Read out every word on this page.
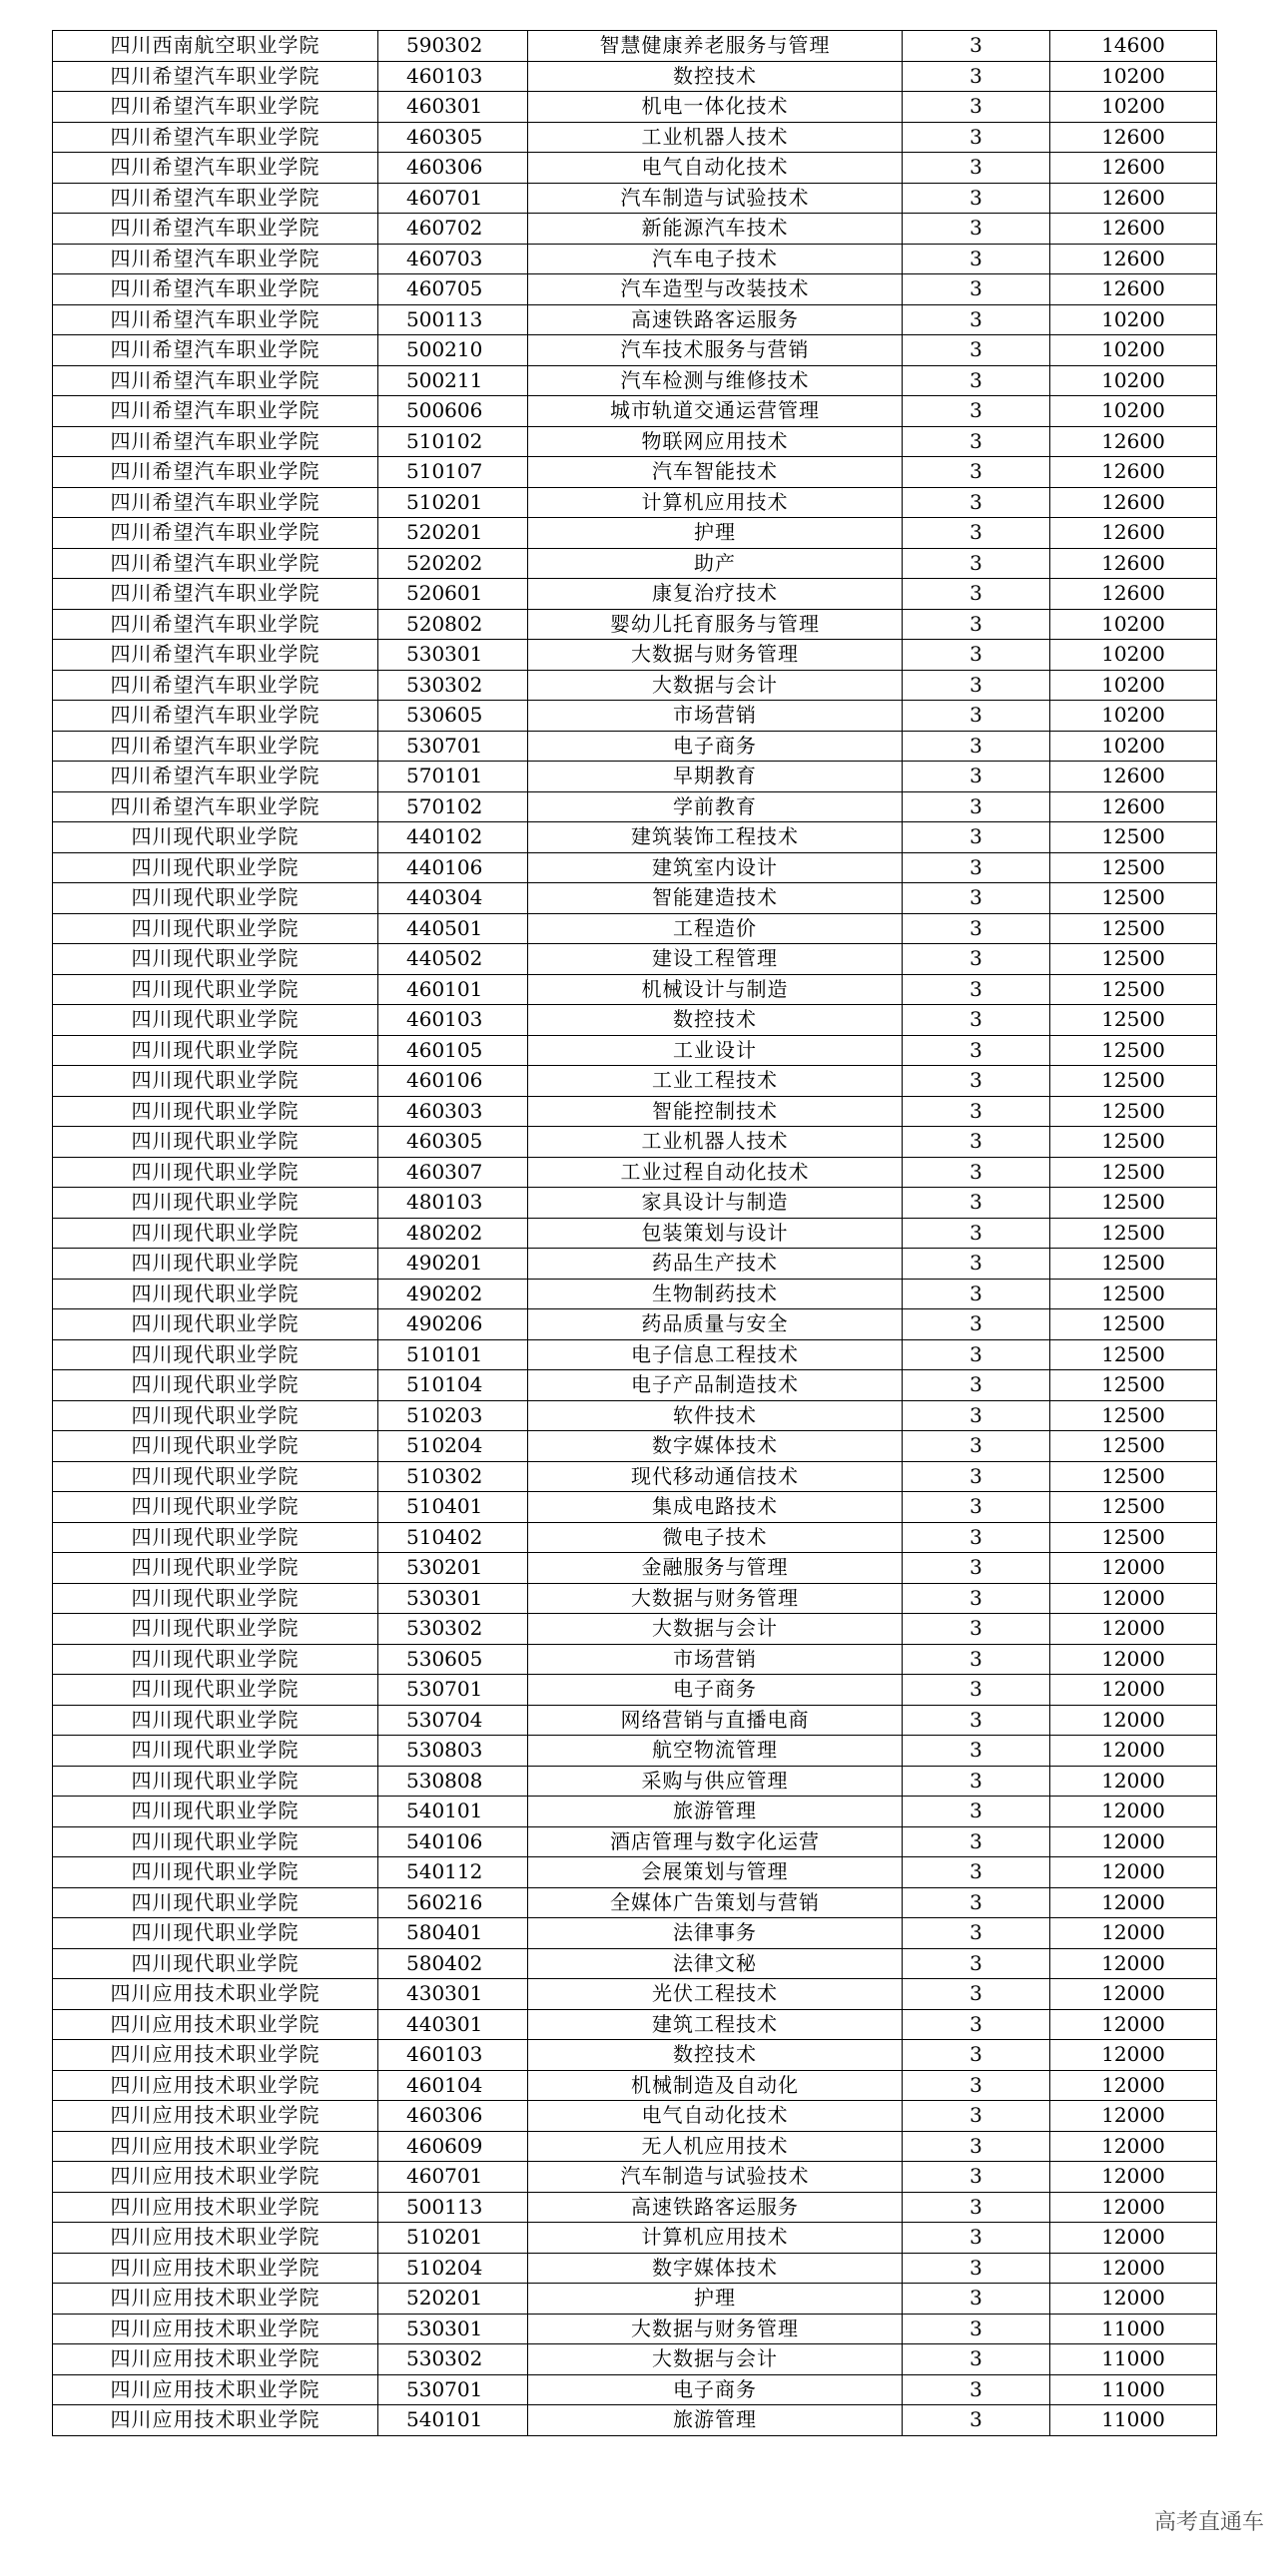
四川西南航空职业学院	590302	智慧健康养老服务与管理	3	14600
四川希望汽车职业学院	460103	数控技术	3	10200
四川希望汽车职业学院	460301	机电一体化技术	3	10200
四川希望汽车职业学院	460305	工业机器人技术	3	12600
四川希望汽车职业学院	460306	电气自动化技术	3	12600
四川希望汽车职业学院	460701	汽车制造与试验技术	3	12600
四川希望汽车职业学院	460702	新能源汽车技术	3	12600
四川希望汽车职业学院	460703	汽车电子技术	3	12600
四川希望汽车职业学院	460705	汽车造型与改装技术	3	12600
四川希望汽车职业学院	500113	高速铁路客运服务	3	10200
四川希望汽车职业学院	500210	汽车技术服务与营销	3	10200
四川希望汽车职业学院	500211	汽车检测与维修技术	3	10200
四川希望汽车职业学院	500606	城市轨道交通运营管理	3	10200
四川希望汽车职业学院	510102	物联网应用技术	3	12600
四川希望汽车职业学院	510107	汽车智能技术	3	12600
四川希望汽车职业学院	510201	计算机应用技术	3	12600
四川希望汽车职业学院	520201	护理	3	12600
四川希望汽车职业学院	520202	助产	3	12600
四川希望汽车职业学院	520601	康复治疗技术	3	12600
四川希望汽车职业学院	520802	婴幼儿托育服务与管理	3	10200
四川希望汽车职业学院	530301	大数据与财务管理	3	10200
四川希望汽车职业学院	530302	大数据与会计	3	10200
四川希望汽车职业学院	530605	市场营销	3	10200
四川希望汽车职业学院	530701	电子商务	3	10200
四川希望汽车职业学院	570101	早期教育	3	12600
四川希望汽车职业学院	570102	学前教育	3	12600
四川现代职业学院	440102	建筑装饰工程技术	3	12500
四川现代职业学院	440106	建筑室内设计	3	12500
四川现代职业学院	440304	智能建造技术	3	12500
四川现代职业学院	440501	工程造价	3	12500
四川现代职业学院	440502	建设工程管理	3	12500
四川现代职业学院	460101	机械设计与制造	3	12500
四川现代职业学院	460103	数控技术	3	12500
四川现代职业学院	460105	工业设计	3	12500
四川现代职业学院	460106	工业工程技术	3	12500
四川现代职业学院	460303	智能控制技术	3	12500
四川现代职业学院	460305	工业机器人技术	3	12500
四川现代职业学院	460307	工业过程自动化技术	3	12500
四川现代职业学院	480103	家具设计与制造	3	12500
四川现代职业学院	480202	包装策划与设计	3	12500
四川现代职业学院	490201	药品生产技术	3	12500
四川现代职业学院	490202	生物制药技术	3	12500
四川现代职业学院	490206	药品质量与安全	3	12500
四川现代职业学院	510101	电子信息工程技术	3	12500
四川现代职业学院	510104	电子产品制造技术	3	12500
四川现代职业学院	510203	软件技术	3	12500
四川现代职业学院	510204	数字媒体技术	3	12500
四川现代职业学院	510302	现代移动通信技术	3	12500
四川现代职业学院	510401	集成电路技术	3	12500
四川现代职业学院	510402	微电子技术	3	12500
四川现代职业学院	530201	金融服务与管理	3	12000
四川现代职业学院	530301	大数据与财务管理	3	12000
四川现代职业学院	530302	大数据与会计	3	12000
四川现代职业学院	530605	市场营销	3	12000
四川现代职业学院	530701	电子商务	3	12000
四川现代职业学院	530704	网络营销与直播电商	3	12000
四川现代职业学院	530803	航空物流管理	3	12000
四川现代职业学院	530808	采购与供应管理	3	12000
四川现代职业学院	540101	旅游管理	3	12000
四川现代职业学院	540106	酒店管理与数字化运营	3	12000
四川现代职业学院	540112	会展策划与管理	3	12000
四川现代职业学院	560216	全媒体广告策划与营销	3	12000
四川现代职业学院	580401	法律事务	3	12000
四川现代职业学院	580402	法律文秘	3	12000
四川应用技术职业学院	430301	光伏工程技术	3	12000
四川应用技术职业学院	440301	建筑工程技术	3	12000
四川应用技术职业学院	460103	数控技术	3	12000
四川应用技术职业学院	460104	机械制造及自动化	3	12000
四川应用技术职业学院	460306	电气自动化技术	3	12000
四川应用技术职业学院	460609	无人机应用技术	3	12000
四川应用技术职业学院	460701	汽车制造与试验技术	3	12000
四川应用技术职业学院	500113	高速铁路客运服务	3	12000
四川应用技术职业学院	510201	计算机应用技术	3	12000
四川应用技术职业学院	510204	数字媒体技术	3	12000
四川应用技术职业学院	520201	护理	3	12000
四川应用技术职业学院	530301	大数据与财务管理	3	11000
四川应用技术职业学院	530302	大数据与会计	3	11000
四川应用技术职业学院	530701	电子商务	3	11000
四川应用技术职业学院	540101	旅游管理	3	11000
高考直通车
